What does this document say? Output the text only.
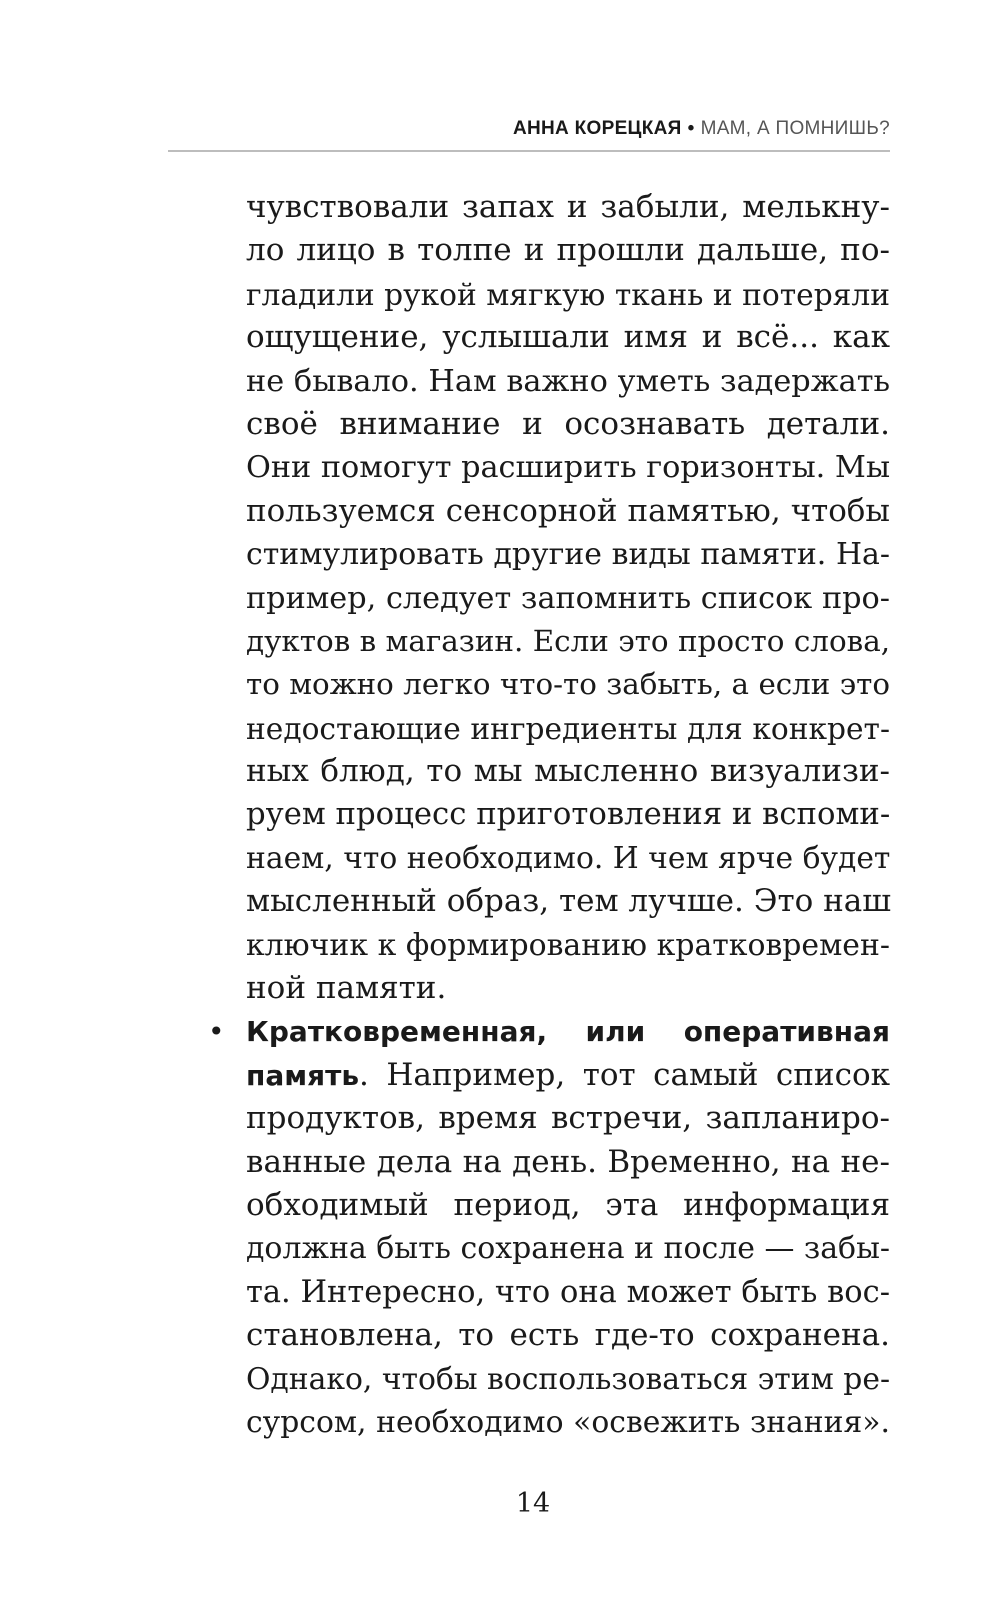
АННА КОРЕЦКАЯ • МАМ, А ПОМНИШЬ?
чувствовали запах и забыли, мелькну-
ло лицо в толпе и прошли дальше, по-
гладили рукой мягкую ткань и потеряли
ощущение, услышали имя и всё... как
не бывало. Нам важно уметь задержать
своё внимание и осознавать детали.
Они помогут расширить горизонты. Мы
пользуемся сенсорной памятью, чтобы
стимулировать другие виды памяти. На-
пример, следует запомнить список про-
дуктов в магазин. Если это просто слова,
то можно легко что-то забыть, а если это
недостающие ингредиенты для конкрет-
ных блюд, то мы мысленно визуализи-
руем процесс приготовления и вспоми-
наем, что необходимо. И чем ярче будет
мысленный образ, тем лучше. Это наш
ключик к формированию кратковремен-
ной памяти.
• Кратковременная, или оперативная
память. Например, тот самый список
продуктов, время встречи, запланиро-
ванные дела на день. Временно, на не-
обходимый период, эта информация
должна быть сохранена и после — забы-
та. Интересно, что она может быть вос-
становлена, то есть где-то сохранена.
Однако, чтобы воспользоваться этим ре-
сурсом, необходимо «освежить знания».
14
